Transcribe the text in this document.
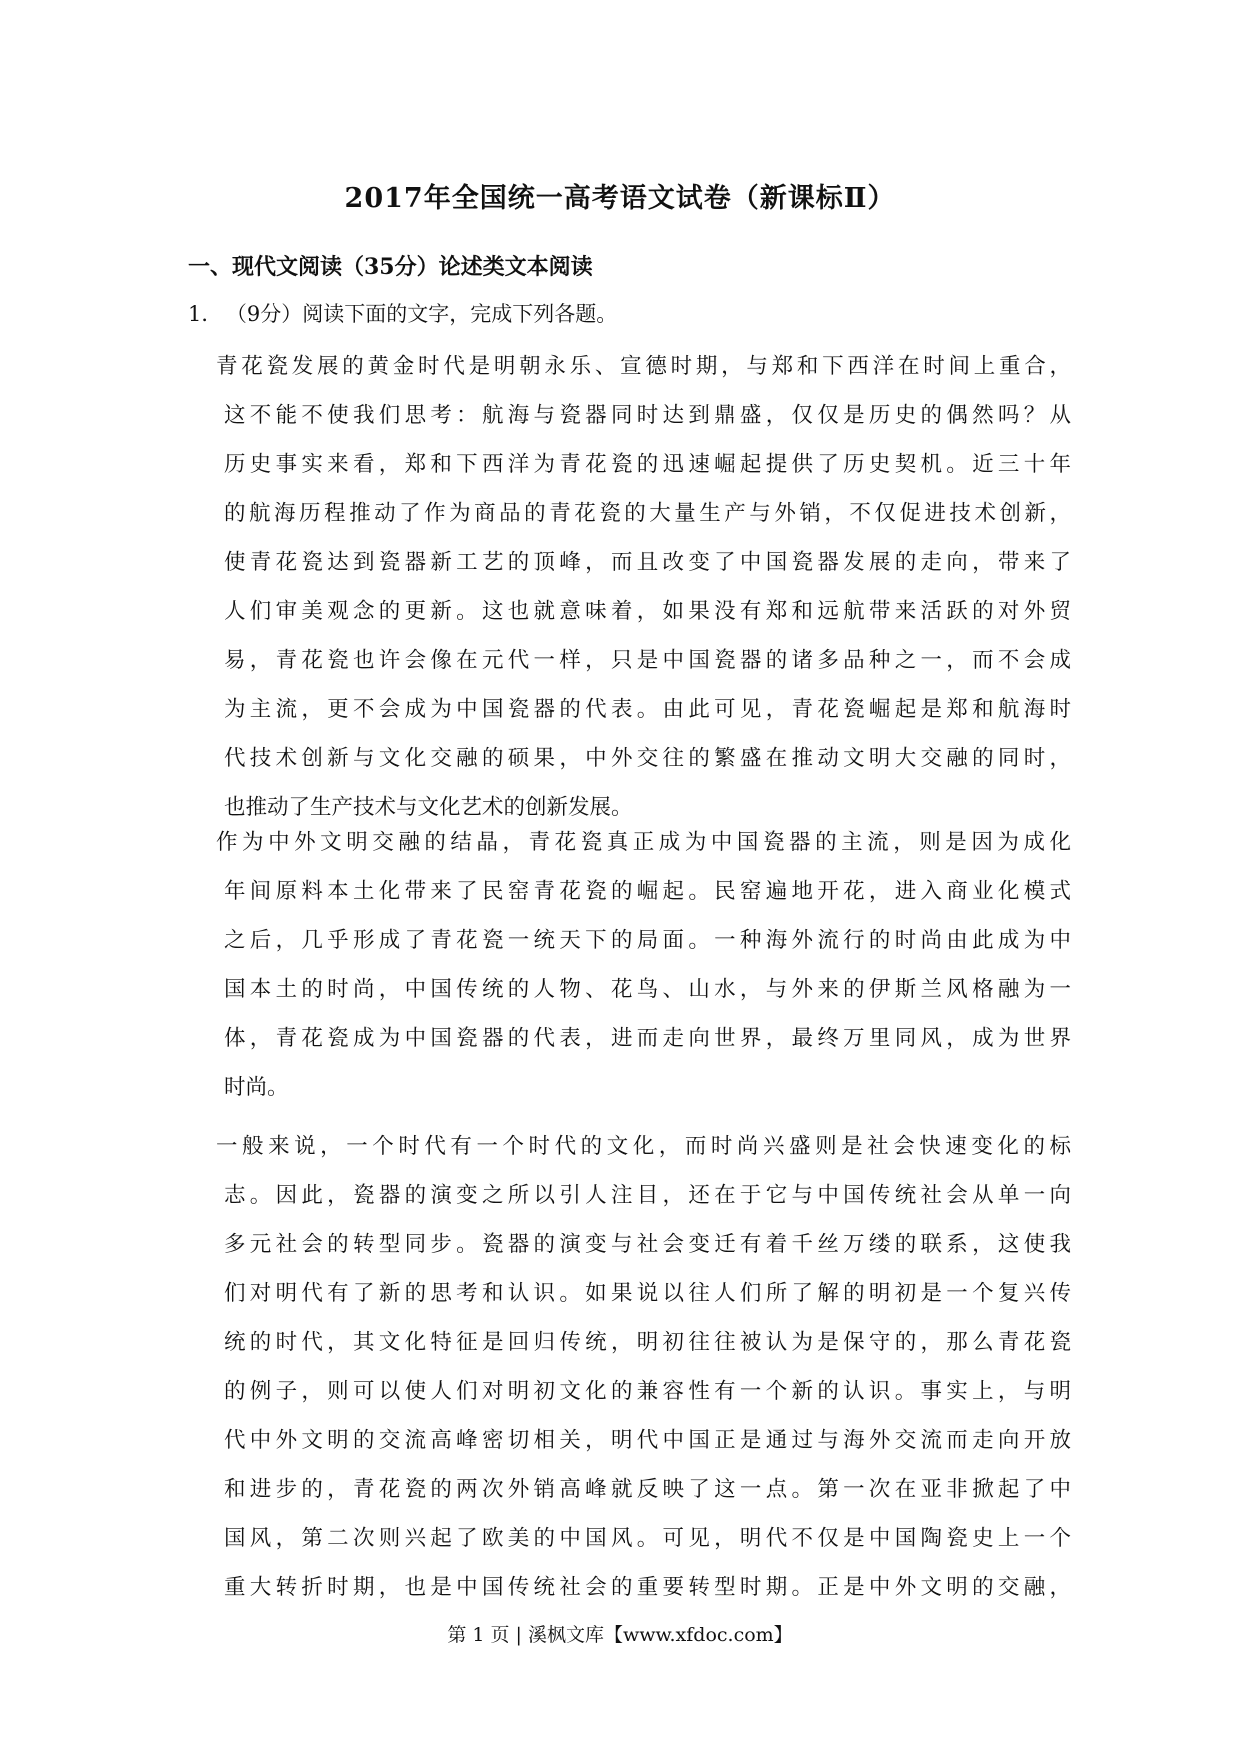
2017年全国统一高考语文试卷（新课标Ⅱ）
一、现代文阅读（35分）论述类文本阅读
1． （9分）阅读下面的文字，完成下列各题。
青花瓷发展的黄金时代是明朝永乐、宣德时期，与郑和下西洋在时间上重合，
这不能不使我们思考：航海与瓷器同时达到鼎盛，仅仅是历史的偶然吗？从
历史事实来看，郑和下西洋为青花瓷的迅速崛起提供了历史契机。近三十年
的航海历程推动了作为商品的青花瓷的大量生产与外销，不仅促进技术创新，
使青花瓷达到瓷器新工艺的顶峰，而且改变了中国瓷器发展的走向，带来了
人们审美观念的更新。这也就意味着，如果没有郑和远航带来活跃的对外贸
易，青花瓷也许会像在元代一样，只是中国瓷器的诸多品种之一，而不会成
为主流，更不会成为中国瓷器的代表。由此可见，青花瓷崛起是郑和航海时
代技术创新与文化交融的硕果，中外交往的繁盛在推动文明大交融的同时，
也推动了生产技术与文化艺术的创新发展。
作为中外文明交融的结晶，青花瓷真正成为中国瓷器的主流，则是因为成化
年间原料本土化带来了民窑青花瓷的崛起。民窑遍地开花，进入商业化模式
之后，几乎形成了青花瓷一统天下的局面。一种海外流行的时尚由此成为中
国本土的时尚，中国传统的人物、花鸟、山水，与外来的伊斯兰风格融为一
体，青花瓷成为中国瓷器的代表，进而走向世界，最终万里同风，成为世界
时尚。
一般来说，一个时代有一个时代的文化，而时尚兴盛则是社会快速变化的标
志。因此，瓷器的演变之所以引人注目，还在于它与中国传统社会从单一向
多元社会的转型同步。瓷器的演变与社会变迁有着千丝万缕的联系，这使我
们对明代有了新的思考和认识。如果说以往人们所了解的明初是一个复兴传
统的时代，其文化特征是回归传统，明初往往被认为是保守的，那么青花瓷
的例子，则可以使人们对明初文化的兼容性有一个新的认识。事实上，与明
代中外文明的交流高峰密切相关，明代中国正是通过与海外交流而走向开放
和进步的，青花瓷的两次外销高峰就反映了这一点。第一次在亚非掀起了中
国风，第二次则兴起了欧美的中国风。可见，明代不仅是中国陶瓷史上一个
重大转折时期，也是中国传统社会的重要转型时期。正是中外文明的交融，
第 1 页 | 溪枫文库【www.xfdoc.com】
